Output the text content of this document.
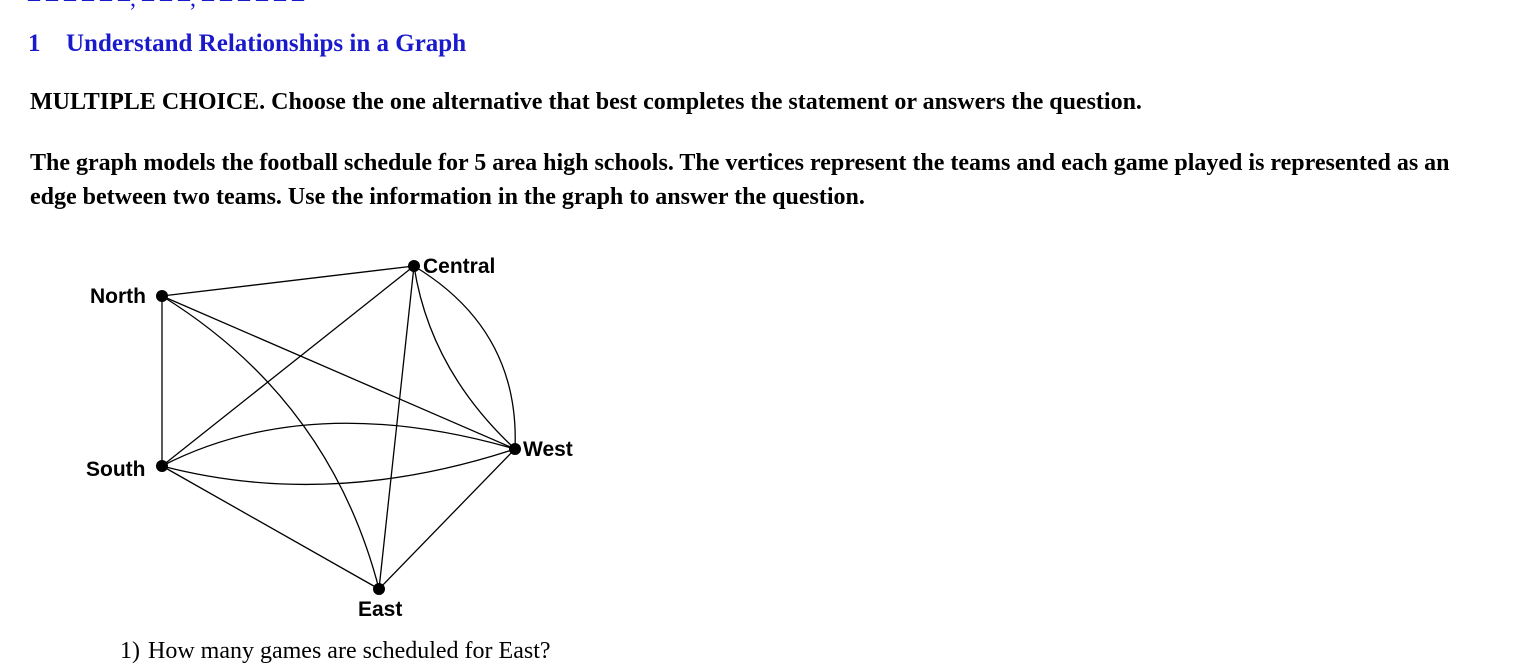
1 Understand Relationships in a Graph
MULTIPLE CHOICE. Choose the one alternative that best completes the statement or answers the question.
The graph models the football schedule for 5 area high schools. The vertices represent the teams and each game played is represented as an edge between two teams. Use the information in the graph to answer the question.
North
Central
West
South
East
1) How many games are scheduled for East?
